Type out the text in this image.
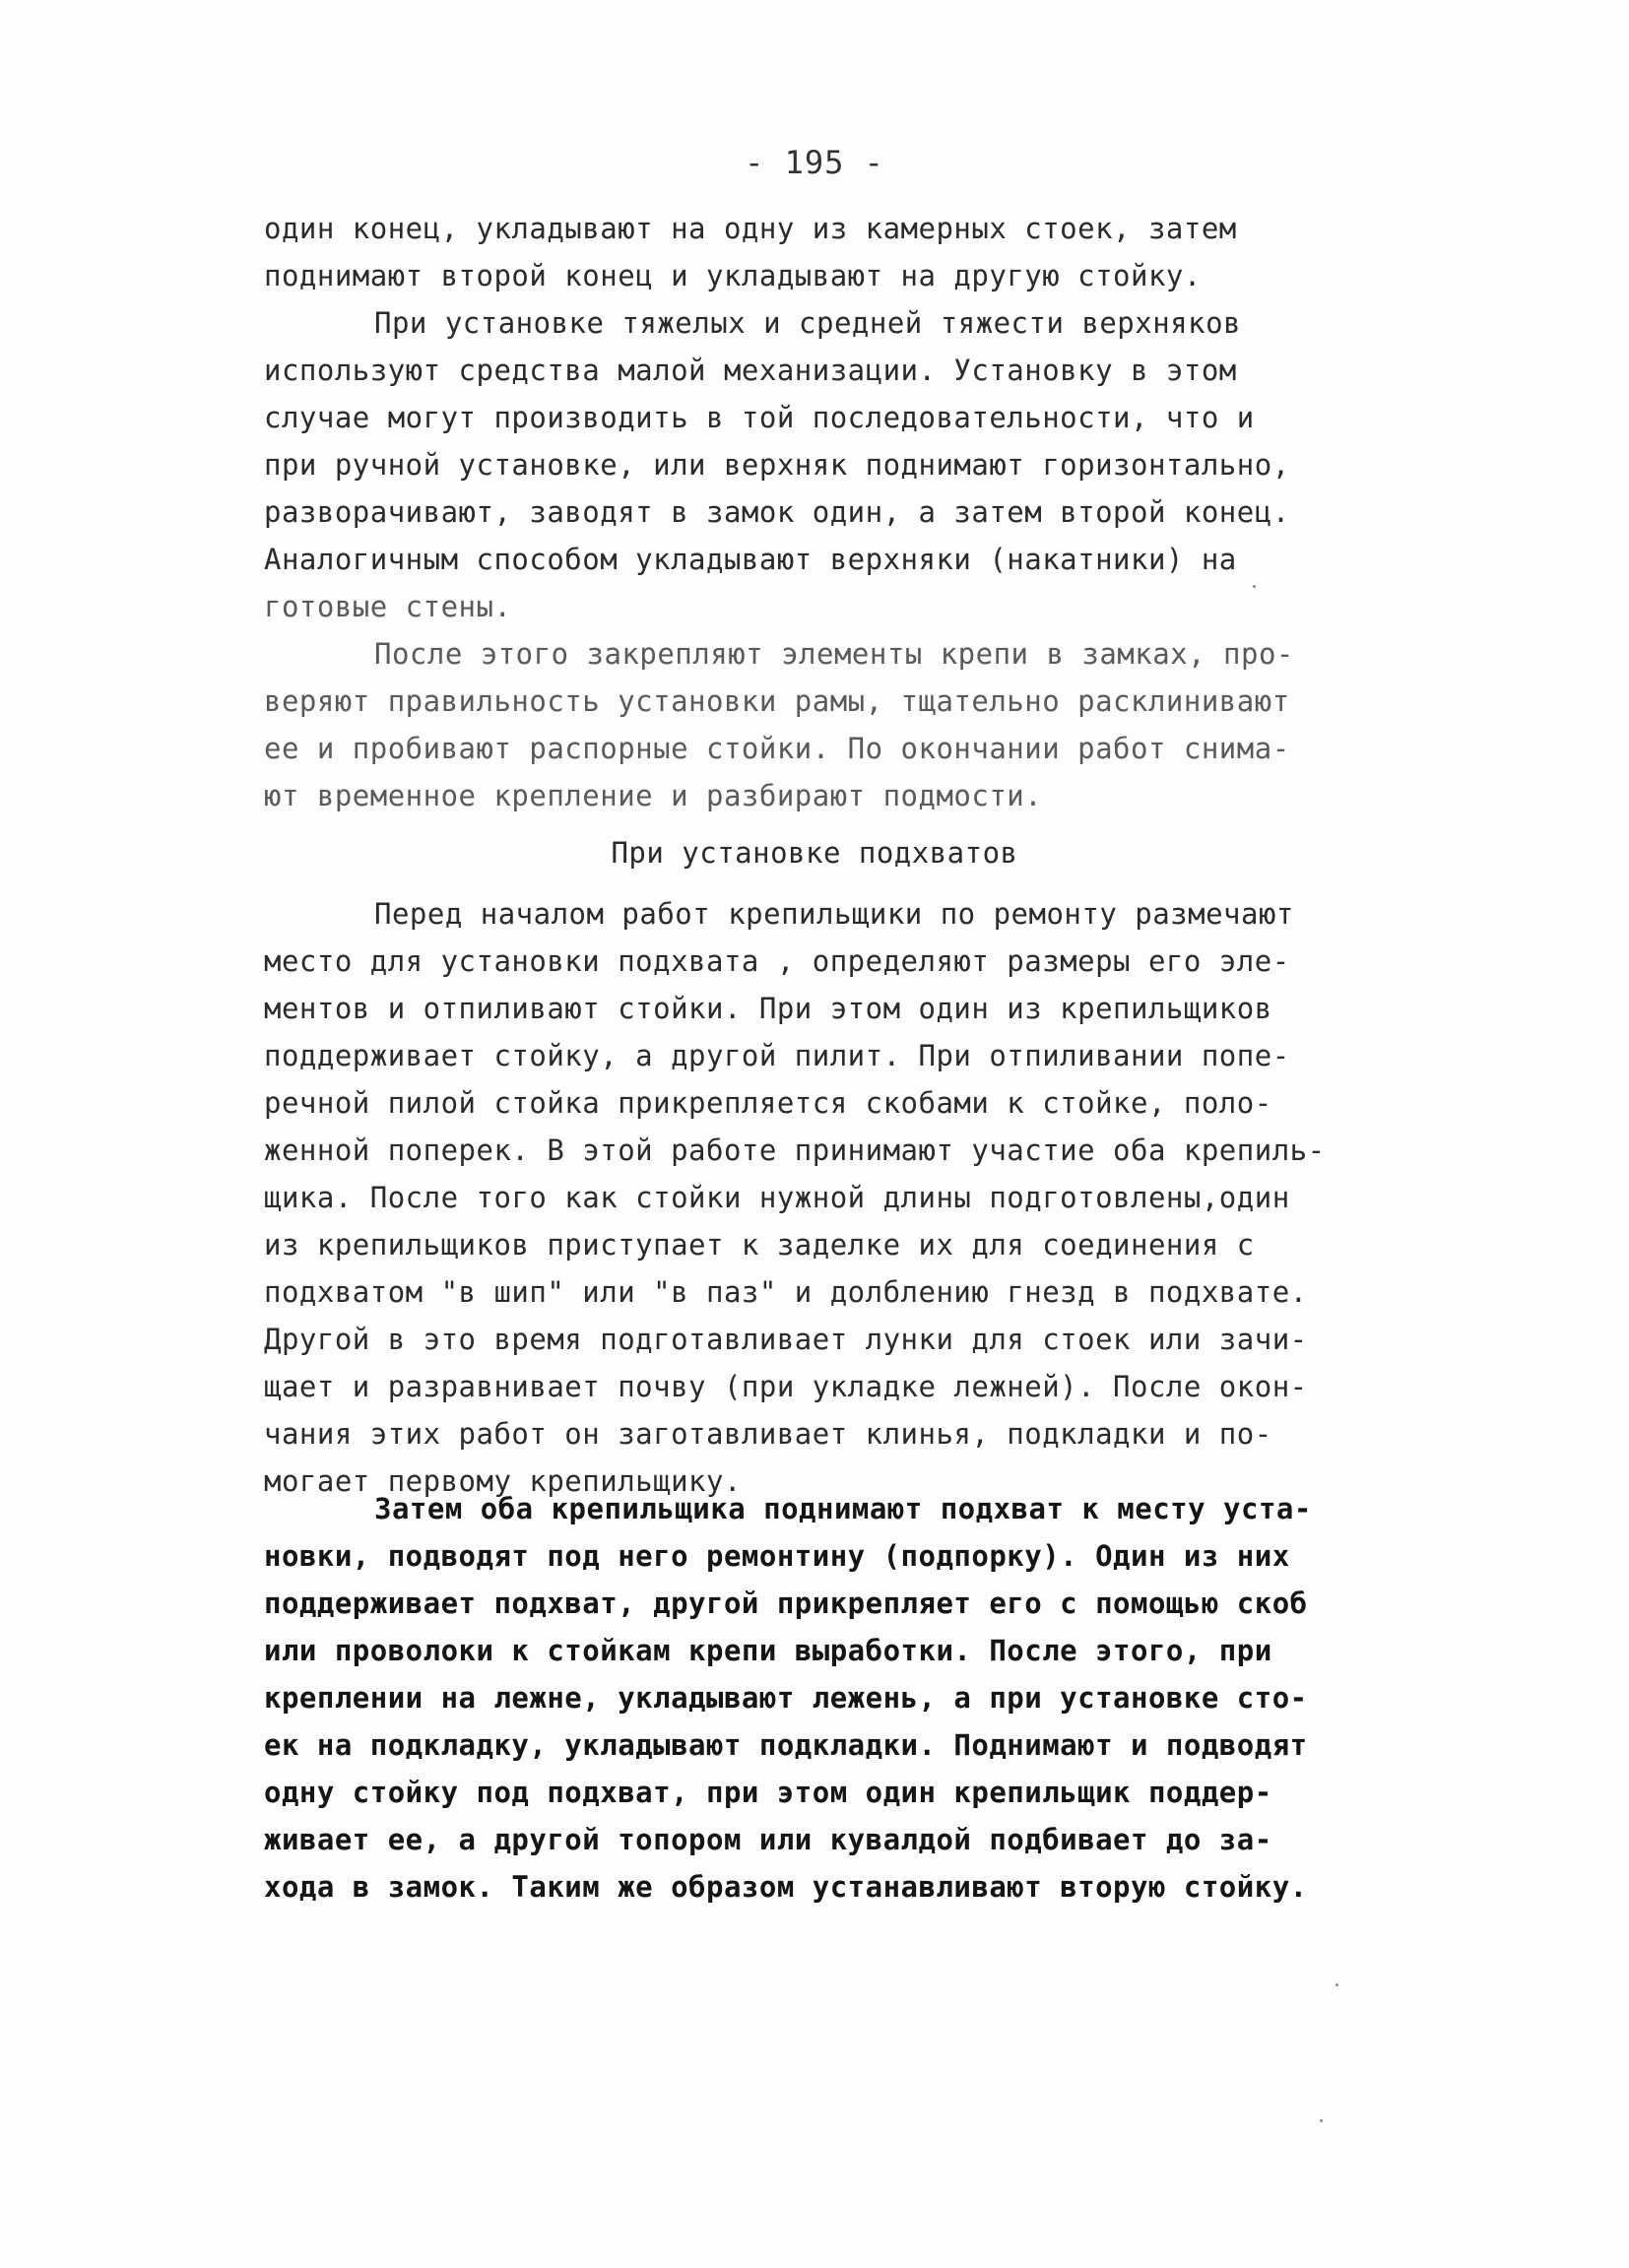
- 195 -
один конец, укладывают на одну из камерных стоек, затем
поднимают второй конец и укладывают на другую стойку.
При установке тяжелых и средней тяжести верхняков
используют средства малой механизации. Установку в этом
случае могут производить в той последовательности, что и
при ручной установке, или верхняк поднимают горизонтально,
разворачивают, заводят в замок один, а затем второй конец.
Аналогичным способом укладывают верхняки (накатники) на
готовые стены.
После этого закрепляют элементы крепи в замках, про-
веряют правильность установки рамы, тщательно расклинивают
ее и пробивают распорные стойки. По окончании работ снима-
ют временное крепление и разбирают подмости.
При установке подхватов
Перед началом работ крепильщики по ремонту размечают
место для установки подхвата , определяют размеры его эле-
ментов и отпиливают стойки. При этом один из крепильщиков
поддерживает стойку, а другой пилит. При отпиливании попе-
речной пилой стойка прикрепляется скобами к стойке, поло-
женной поперек. В этой работе принимают участие оба крепиль-
щика. После того как стойки нужной длины подготовлены,один
из крепильщиков приступает к заделке их для соединения с
подхватом "в шип" или "в паз" и долблению гнезд в подхвате.
Другой в это время подготавливает лунки для стоек или зачи-
щает и разравнивает почву (при укладке лежней). После окон-
чания этих работ он заготавливает клинья, подкладки и по-
могает первому крепильщику.
Затем оба крепильщика поднимают подхват к месту уста-
новки, подводят под него ремонтину (подпорку). Один из них
поддерживает подхват, другой прикрепляет его с помощью скоб
или проволоки к стойкам крепи выработки. После этого, при
креплении на лежне, укладывают лежень, а при установке сто-
ек на подкладку, укладывают подкладки. Поднимают и подводят
одну стойку под подхват, при этом один крепильщик поддер-
живает ее, а другой топором или кувалдой подбивает до за-
хода в замок. Таким же образом устанавливают вторую стойку.
